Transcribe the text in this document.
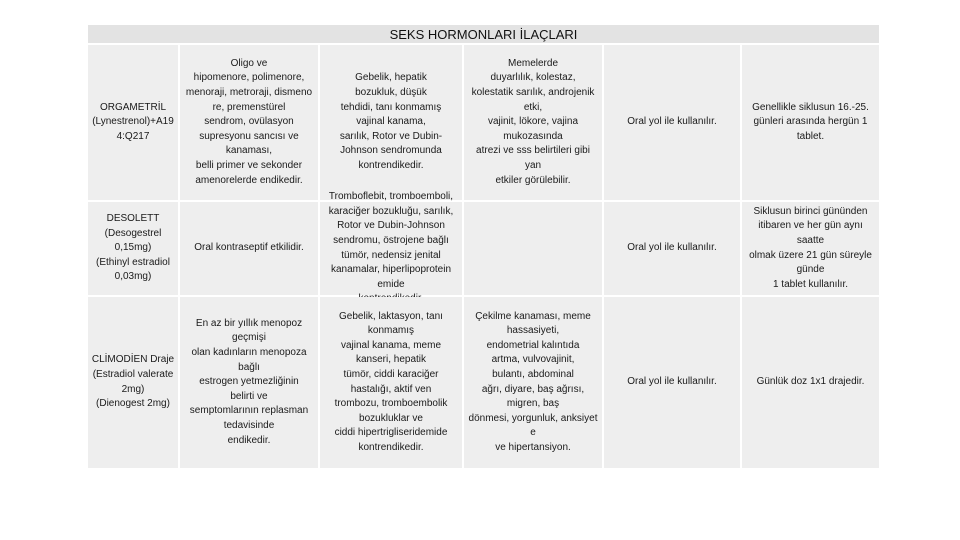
SEKS HORMONLARI İLAÇLARI
ORGAMETRİL
(Lynestrenol)+A19
4:Q217
Oligo ve
hipomenore, polimenore,
menoraji, metroraji, dismeno
re, premenstürel
sendrom, ovülasyon
supresyonu sancısı ve
kanaması,
belli primer ve sekonder
amenorelerde endikedir.
Gebelik, hepatik
bozukluk, düşük
tehdidi, tanı konmamış
vajinal kanama,
sarılık, Rotor ve Dubin-
Johnson sendromunda
kontrendikedir.
Memelerde
duyarlılık, kolestaz,
kolestatik sarılık, androjenik
etki,
vajinit, lökore, vajina
mukozasında
atrezi ve sss belirtileri gibi
yan
etkiler görülebilir.
Oral yol ile kullanılır.
Genellikle siklusun 16.-25.
günleri arasında hergün 1
tablet.
DESOLETT
(Desogestrel
0,15mg)
(Ethinyl estradiol
0,03mg)
Oral kontraseptif etkilidir.
Tromboflebit, tromboemboli,
karaciğer bozukluğu, sarılık,
Rotor ve Dubin-Johnson
sendromu, östrojene bağlı
tümör, nedensiz jenital
kanamalar, hiperlipoprotein
emide

Oral yol ile kullanılır.
Siklusun birinci gününden
itibaren ve her gün aynı
saatte
olmak üzere 21 gün süreyle
günde
1 tablet kullanılır.
CLİMODİEN Draje
(Estradiol valerate
2mg)
(Dienogest 2mg)
En az bir yıllık menopoz
geçmişi
olan kadınların menopoza
bağlı
estrogen yetmezliğinin
belirti ve
semptomlarının replasman
tedavisinde
endikedir.
Gebelik, laktasyon, tanı
konmamış
vajinal kanama, meme
kanseri, hepatik
tümör, ciddi karaciğer
hastalığı, aktif ven
trombozu, tromboembolik
bozukluklar ve
ciddi hipertrigliseridemide
kontrendikedir.
Çekilme kanaması, meme
hassasiyeti,
endometrial kalıntıda
artma, vulvovajinit,
bulantı, abdominal
ağrı, diyare, baş ağrısı,
migren, baş
dönmesi, yorgunluk, anksiyet
e
ve hipertansiyon.
Oral yol ile kullanılır.	Günlük doz 1x1 drajedir.
